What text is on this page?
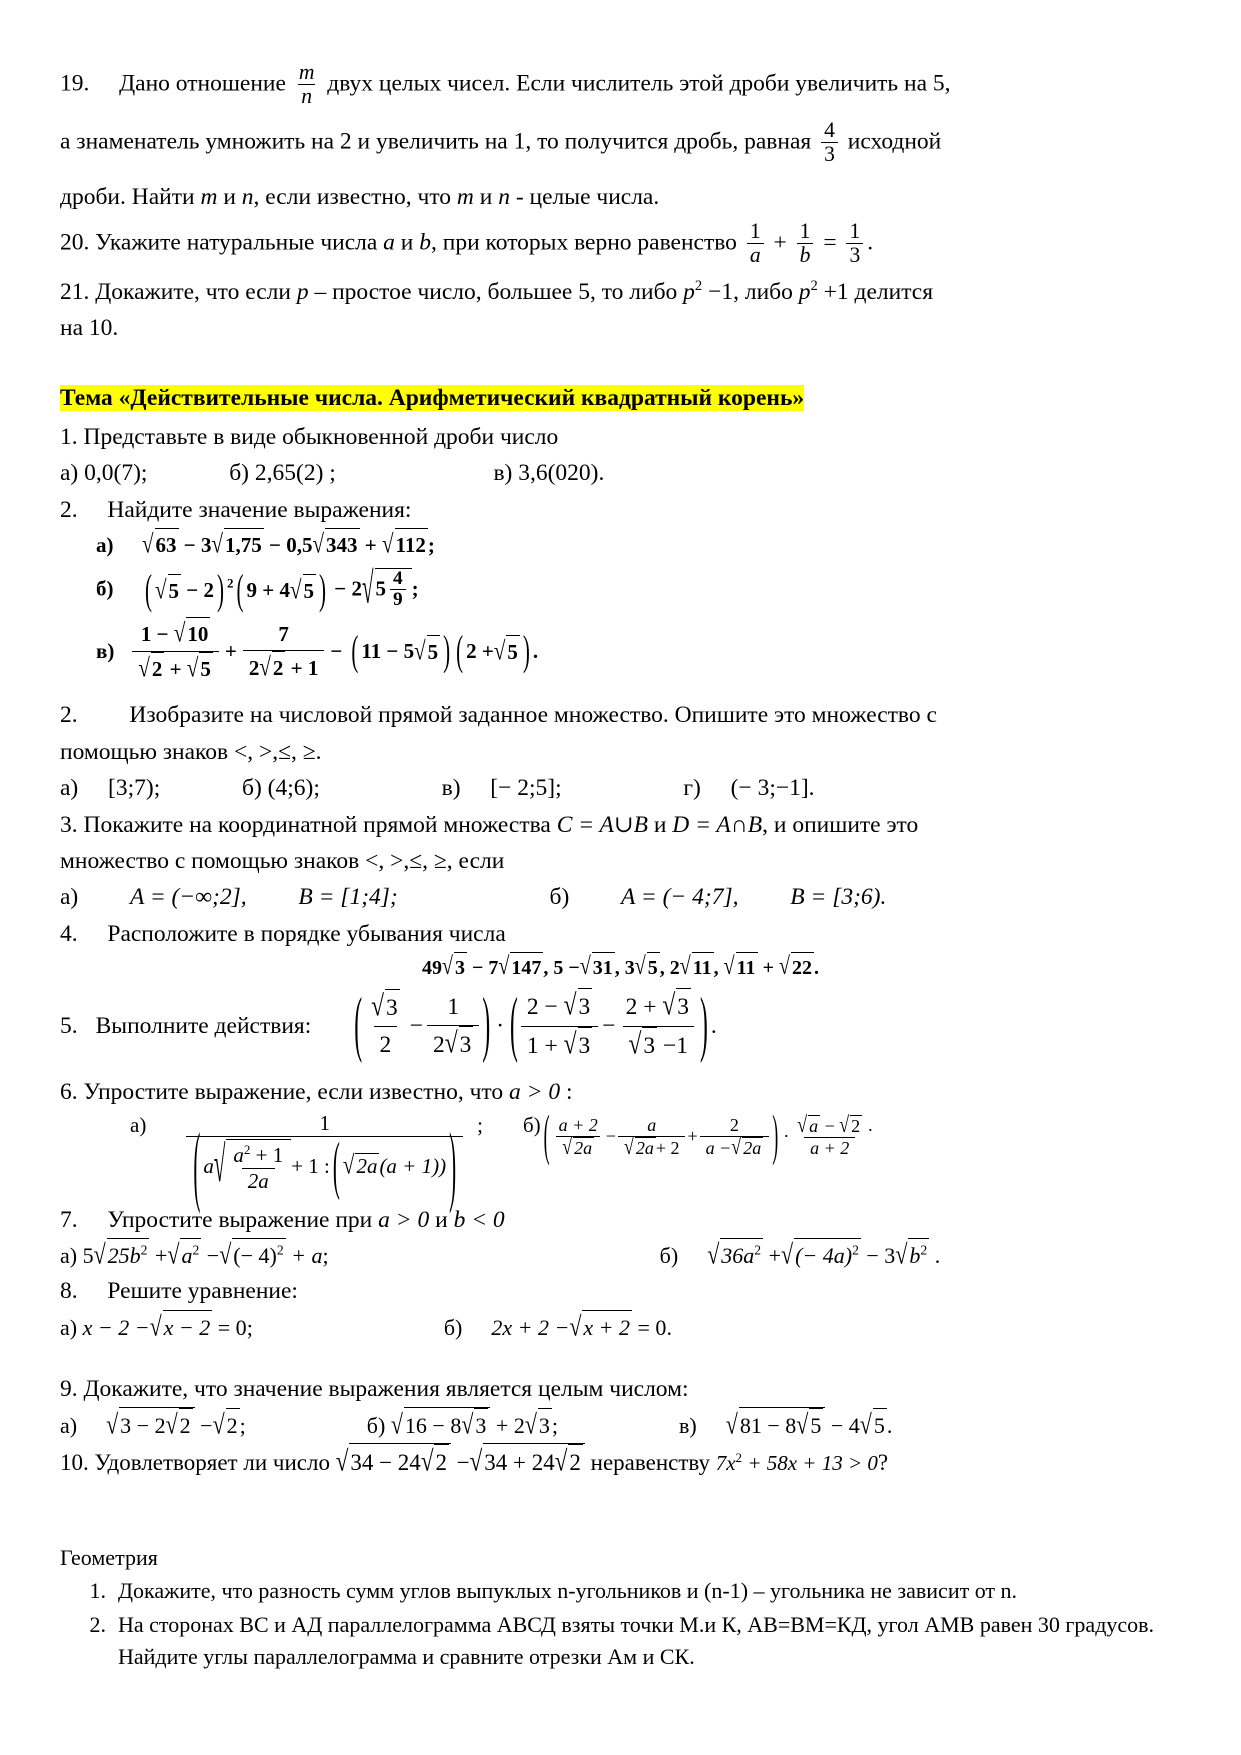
19. Дано отношение $\frac{m}{n}$ двух целых чисел. Если числитель этой дроби увеличить на 5,
а знаменатель умножить на 2 и увеличить на 1, то получится дробь, равная $\frac{4}{3}$ исходной
дроби. Найти m и n, если известно, что m и n - целые числа.
20. Укажите натуральные числа a и b, при которых верно равенство $\frac{1}{a} + \frac{1}{b} = \frac{1}{3}$ .
21. Докажите, что если p – простое число, большее 5, то либо $p^2 -1$, либо $p^2 +1$ делится
на 10.
Тема «Действительные числа. Арифметический квадратный корень»
1. Представьте в виде обыкновенной дроби число
а) 0,0(7);	б) 2,65(2) ;	в) 3,6(020).
2. Найдите значение выражения:
а) √63 − 3√1,75 − 0,5√343 + √112;
б) ( √5
− 2 ) $^2$ ( 9 + 4 √5 ) − $2√5 \frac{4}{9}$ ;
$в) \frac{1 - √10}{√2 + √5} + \frac{7}{2√2 + 1}$ − ( 11 − 5 √5 ) ( 2 + √5 ) .
2. Изобразите на числовой прямой заданное множество. Опишите это множество с
помощью знаков <, >,≤, ≥.
а) [3;7);	б) (4;6);	в) [− 2;5];	г) (− 3;−1].
3. Покажите на координатной прямой множества C = A∪B и D = A∩B, и опишите это
множество с помощью знаков <, >,≤, ≥, если
а) A = (−∞;2], B = [1;4];	б) A = (− 4;7], B = [3;6).
4. Расположите в порядке убывания числа
49√ 3 − 7√ 147 , 5 −√ 31 , 3√ 5 , 2√ 11 , √ 11 + √ 22 .
5. Выполните действия: ( $\frac{√3}{2} - \frac{1}{2√3}$ ) · ( $\frac{2 - √3}{1 + √3} - \frac{2 + √3}{√3 -1}$ ) .
6. Упростите выражение, если известно, что a > 0 :
а)	1
( a √ $\frac{a^2 + 1}{2a} + 1$ : ( √2a (a + 1)) )	; б) ( $\frac{a + 2}{√ 2a} - \frac{a}{√ 2a + 2} + \frac{2}{a -√ 2a}$ ) · $\frac{√ a - √ 2}{a + 2}$ .
7. Упростите выражение при a > 0 и b < 0
а) $5√25b^2 +√a^2$ −√(− 4)$^2$ + a;	б) $√36a^2$ +√(− $4a)^2 - 3√b^2$ .
8. Решите уравнение:
а) x − 2 −√x − 2 = 0;	б) 2x + 2 −√x + 2 = 0.
9. Докажите, что значение выражения является целым числом:
а) √3 − 2√2 −√2;	б) √16 − 8√3 + 2√3;	в) √81 − 8√5 − 4√5.
10. Удовлетворяет ли число √34 − 24√2 −√34 + 24√2 неравенству $7x^2 + 58x + 13 > 0$?
Геометрия
1. Докажите, что разность сумм углов выпуклых n-угольников и (n-1) – угольника не зависит от n.
2. На сторонах ВС и АД параллелограмма АВСД взяты точки М.и К, АВ=ВМ=КД, угол АМВ равен 30 градусов. Найдите углы параллелограмма и сравните отрезки Ам и СК.
